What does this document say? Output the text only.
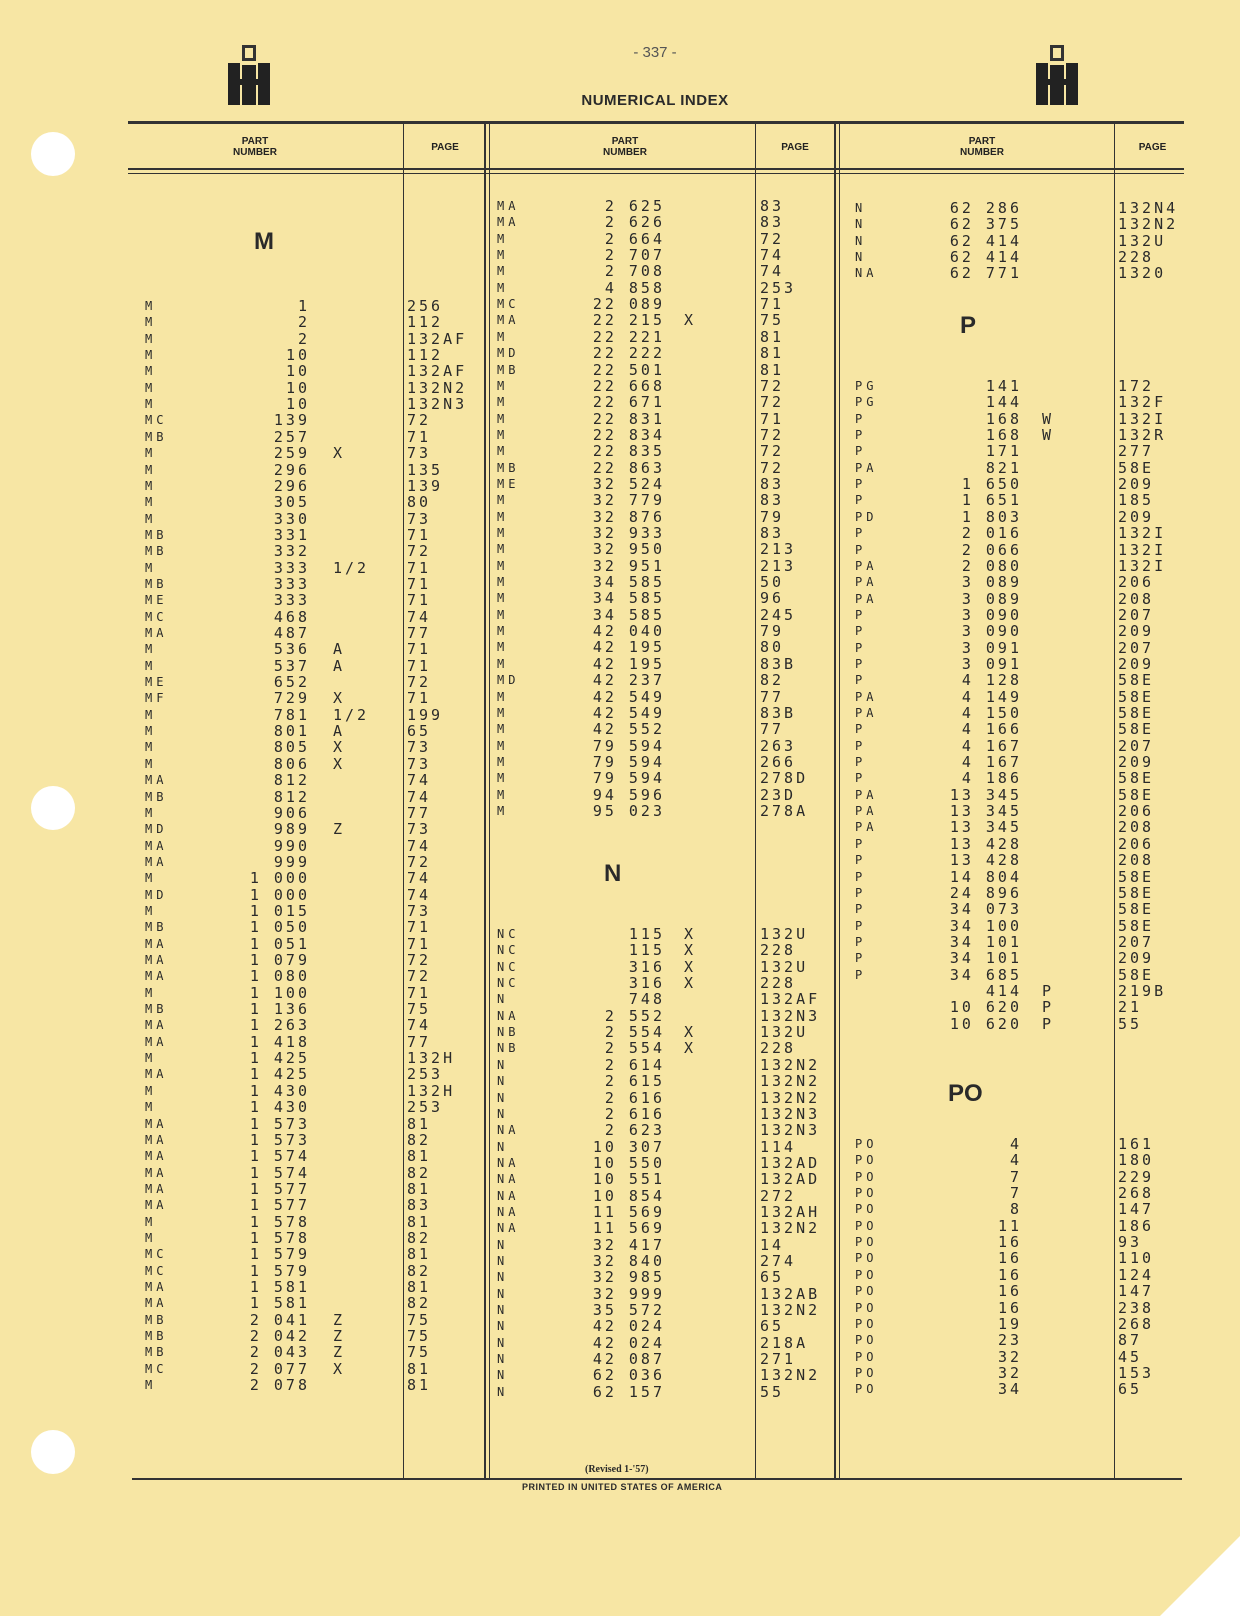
- 337 -
NUMERICAL INDEX
PART
NUMBER	PAGE
PART
NUMBER	PAGE
PART
NUMBER	PAGE
M
N
P
PO
M	1	256
M	2	112
M	2	132AF
M	10	112
M	10	132AF
M	10	132N2
M	10	132N3
MC	139	72
MB	257	71
M	259 X	73
M	296	135
M	296	139
M	305	80
M	330	73
MB	331	71
MB	332	72
M	333 1/2	71
MB	333	71
ME	333	71
MC	468	74
MA	487	77
M	536 A	71
M	537 A	71
ME	652	72
MF	729 X	71
M	781 1/2	199
M	801 A	65
M	805 X	73
M	806 X	73
MA	812	74
MB	812	74
M	906	77
MD	989 Z	73
MA	990	74
MA	999	72
M	1 000	74
MD	1 000	74
M	1 015	73
MB	1 050	71
MA	1 051	71
MA	1 079	72
MA	1 080	72
M	1 100	71
MB	1 136	75
MA	1 263	74
MA	1 418	77
M	1 425	132H
MA	1 425	253
M	1 430	132H
M	1 430	253
MA	1 573	81
MA	1 573	82
MA	1 574	81
MA	1 574	82
MA	1 577	81
MA	1 577	83
M	1 578	81
M	1 578	82
MC	1 579	81
MC	1 579	82
MA	1 581	81
MA	1 581	82
MB	2 041 Z	75
MB	2 042 Z	75
MB	2 043 Z	75
MC	2 077 X	81
M	2 078	81
MA	2 625	83
MA	2 626	83
M	2 664	72
M	2 707	74
M	2 708	74
M	4 858	253
MC	22 089	71
MA	22 215 X	75
M	22 221	81
MD	22 222	81
MB	22 501	81
M	22 668	72
M	22 671	72
M	22 831	71
M	22 834	72
M	22 835	72
MB	22 863	72
ME	32 524	83
M	32 779	83
M	32 876	79
M	32 933	83
M	32 950	213
M	32 951	213
M	34 585	50
M	34 585	96
M	34 585	245
M	42 040	79
M	42 195	80
M	42 195	83B
MD	42 237	82
M	42 549	77
M	42 549	83B
M	42 552	77
M	79 594	263
M	79 594	266
M	79 594	278D
M	94 596	23D
M	95 023	278A
NC	115 X	132U
NC	115 X	228
NC	316 X	132U
NC	316 X	228
N	748	132AF
NA	2 552	132N3
NB	2 554 X	132U
NB	2 554 X	228
N	2 614	132N2
N	2 615	132N2
N	2 616	132N2
N	2 616	132N3
NA	2 623	132N3
N	10 307	114
NA	10 550	132AD
NA	10 551	132AD
NA	10 854	272
NA	11 569	132AH
NA	11 569	132N2
N	32 417	14
N	32 840	274
N	32 985	65
N	32 999	132AB
N	35 572	132N2
N	42 024	65
N	42 024	218A
N	42 087	271
N	62 036	132N2
N	62 157	55
N	62 286	132N4
N	62 375	132N2
N	62 414	132U
N	62 414	228
NA	62 771	1320
PG	141	172
PG	144	132F
P	168 W	132I
P	168 W	132R
P	171	277
PA	821	58E
P	1 650	209
P	1 651	185
PD	1 803	209
P	2 016	132I
P	2 066	132I
PA	2 080	132I
PA	3 089	206
PA	3 089	208
P	3 090	207
P	3 090	209
P	3 091	207
P	3 091	209
P	4 128	58E
PA	4 149	58E
PA	4 150	58E
P	4 166	58E
P	4 167	207
P	4 167	209
P	4 186	58E
PA	13 345	58E
PA	13 345	206
PA	13 345	208
P	13 428	206
P	13 428	208
P	14 804	58E
P	24 896	58E
P	34 073	58E
P	34 100	58E
P	34 101	207
P	34 101	209
P	34 685	58E
414 P	219B
10 620 P	21
10 620 P	55
PO	4	161
PO	4	180
PO	7	229
PO	7	268
PO	8	147
PO	11	186
PO	16	93
PO	16	110
PO	16	124
PO	16	147
PO	16	238
PO	19	268
PO	23	87
PO	32	45
PO	32	153
PO	34	65
(Revised 1-'57)
PRINTED IN UNITED STATES OF AMERICA
